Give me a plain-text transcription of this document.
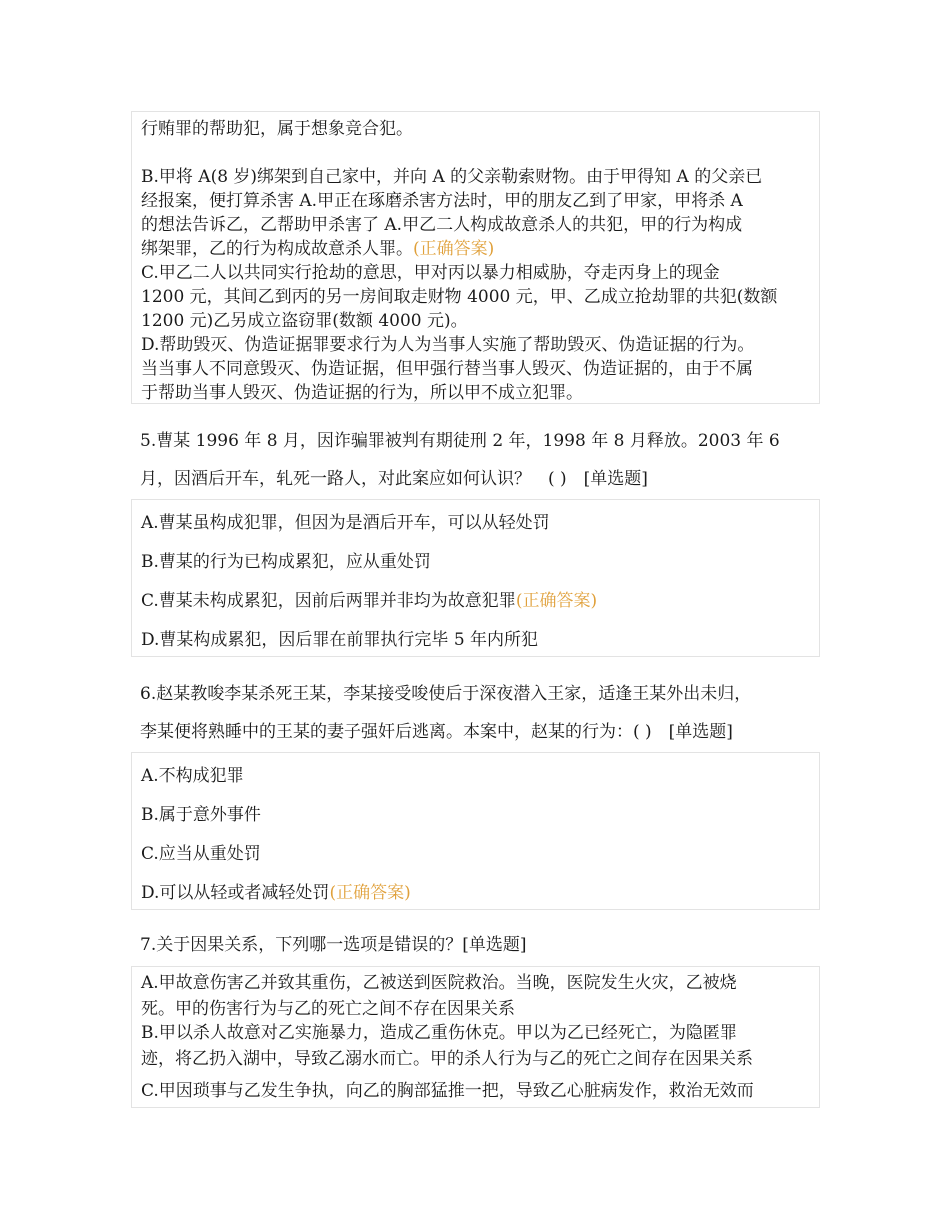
行贿罪的帮助犯，属于想象竞合犯。
B.甲将 A(8 岁)绑架到自己家中，并向 A 的父亲勒索财物。由于甲得知 A 的父亲已
经报案，便打算杀害 A.甲正在琢磨杀害方法时，甲的朋友乙到了甲家，甲将杀 A
的想法告诉乙，乙帮助甲杀害了 A.甲乙二人构成故意杀人的共犯，甲的行为构成
绑架罪，乙的行为构成故意杀人罪。(正确答案)
C.甲乙二人以共同实行抢劫的意思，甲对丙以暴力相威胁，夺走丙身上的现金
1200 元，其间乙到丙的另一房间取走财物 4000 元，甲、乙成立抢劫罪的共犯(数额
1200 元)乙另成立盗窃罪(数额 4000 元)。
D.帮助毁灭、伪造证据罪要求行为人为当事人实施了帮助毁灭、伪造证据的行为。
当当事人不同意毁灭、伪造证据，但甲强行替当事人毁灭、伪造证据的，由于不属
于帮助当事人毁灭、伪造证据的行为，所以甲不成立犯罪。
5.曹某 1996 年 8 月，因诈骗罪被判有期徒刑 2 年，1998 年 8 月释放。2003 年 6
月，因酒后开车，轧死一路人，对此案应如何认识？　( )　[单选题]
A.曹某虽构成犯罪，但因为是酒后开车，可以从轻处罚
B.曹某的行为已构成累犯，应从重处罚
C.曹某未构成累犯，因前后两罪并非均为故意犯罪(正确答案)
D.曹某构成累犯，因后罪在前罪执行完毕 5 年内所犯
6.赵某教唆李某杀死王某，李某接受唆使后于深夜潜入王家，适逢王某外出未归，
李某便将熟睡中的王某的妻子强奸后逃离。本案中，赵某的行为：( )　[单选题]
A.不构成犯罪
B.属于意外事件
C.应当从重处罚
D.可以从轻或者减轻处罚(正确答案)
7.关于因果关系，下列哪一选项是错误的？[单选题]
A.甲故意伤害乙并致其重伤，乙被送到医院救治。当晚，医院发生火灾，乙被烧
死。甲的伤害行为与乙的死亡之间不存在因果关系
B.甲以杀人故意对乙实施暴力，造成乙重伤休克。甲以为乙已经死亡，为隐匿罪
迹，将乙扔入湖中，导致乙溺水而亡。甲的杀人行为与乙的死亡之间存在因果关系
C.甲因琐事与乙发生争执，向乙的胸部猛推一把，导致乙心脏病发作，救治无效而
